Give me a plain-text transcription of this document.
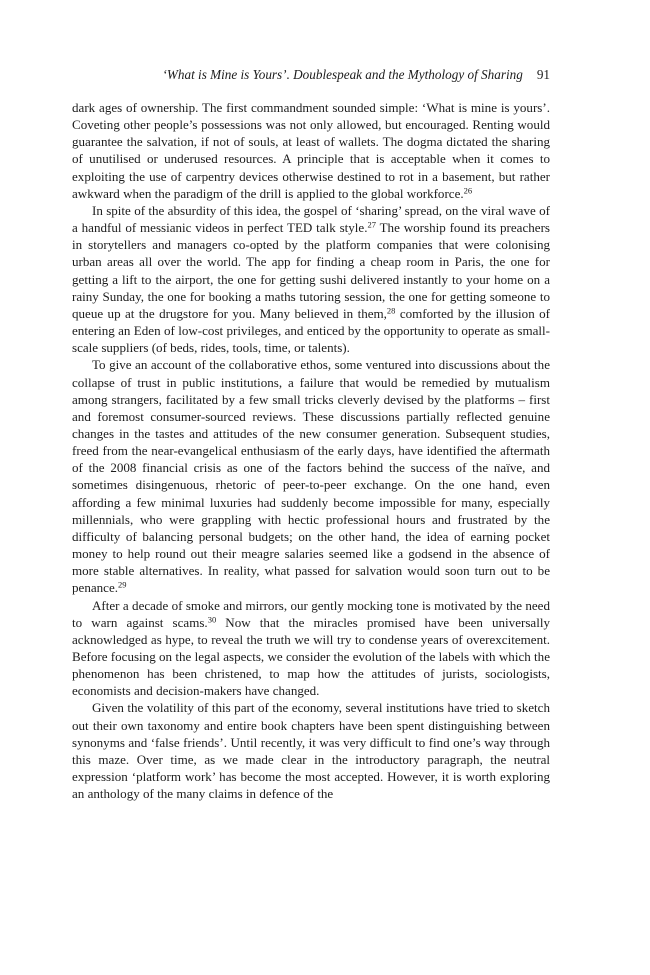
‘What is Mine is Yours’. Doublespeak and the Mythology of Sharing 91

dark ages of ownership. The first commandment sounded simple: ‘What is mine is yours’. Coveting other people’s possessions was not only allowed, but encouraged. Renting would guarantee the salvation, if not of souls, at least of wallets. The dogma dictated the sharing of unutilised or underused resources. A principle that is acceptable when it comes to exploiting the use of carpentry devices otherwise destined to rot in a basement, but rather awkward when the paradigm of the drill is applied to the global workforce.$^{26}$

In spite of the absurdity of this idea, the gospel of ‘sharing’ spread, on the viral wave of a handful of messianic videos in perfect TED talk style.$^{27}$ The worship found its preachers in storytellers and managers co-opted by the platform companies that were colonising urban areas all over the world. The app for finding a cheap room in Paris, the one for getting a lift to the airport, the one for getting sushi delivered instantly to your home on a rainy Sunday, the one for booking a maths tutoring session, the one for getting someone to queue up at the drugstore for you. Many believed in them,$^{28}$ comforted by the illusion of entering an Eden of low-cost privileges, and enticed by the opportunity to operate as small-scale suppliers (of beds, rides, tools, time, or talents).

To give an account of the collaborative ethos, some ventured into discussions about the collapse of trust in public institutions, a failure that would be remedied by mutualism among strangers, facilitated by a few small tricks cleverly devised by the platforms – first and foremost consumer-sourced reviews. These discussions partially reflected genuine changes in the tastes and attitudes of the new consumer generation. Subsequent studies, freed from the near-evangelical enthusiasm of the early days, have identified the aftermath of the 2008 financial crisis as one of the factors behind the success of the naïve, and sometimes disingenuous, rhetoric of peer-to-peer exchange. On the one hand, even affording a few minimal luxuries had suddenly become impossible for many, especially millennials, who were grappling with hectic professional hours and frustrated by the difficulty of balancing personal budgets; on the other hand, the idea of earning pocket money to help round out their meagre salaries seemed like a godsend in the absence of more stable alternatives. In reality, what passed for salvation would soon turn out to be penance.$^{29}$

After a decade of smoke and mirrors, our gently mocking tone is motivated by the need to warn against scams.$^{30}$ Now that the miracles promised have been universally acknowledged as hype, to reveal the truth we will try to condense years of overexcitement. Before focusing on the legal aspects, we consider the evolution of the labels with which the phenomenon has been christened, to map how the attitudes of jurists, sociologists, economists and decision-makers have changed.

Given the volatility of this part of the economy, several institutions have tried to sketch out their own taxonomy and entire book chapters have been spent distinguishing between synonyms and ‘false friends’. Until recently, it was very difficult to find one’s way through this maze. Over time, as we made clear in the introductory paragraph, the neutral expression ‘platform work’ has become the most accepted. However, it is worth exploring an anthology of the many claims in defence of the
